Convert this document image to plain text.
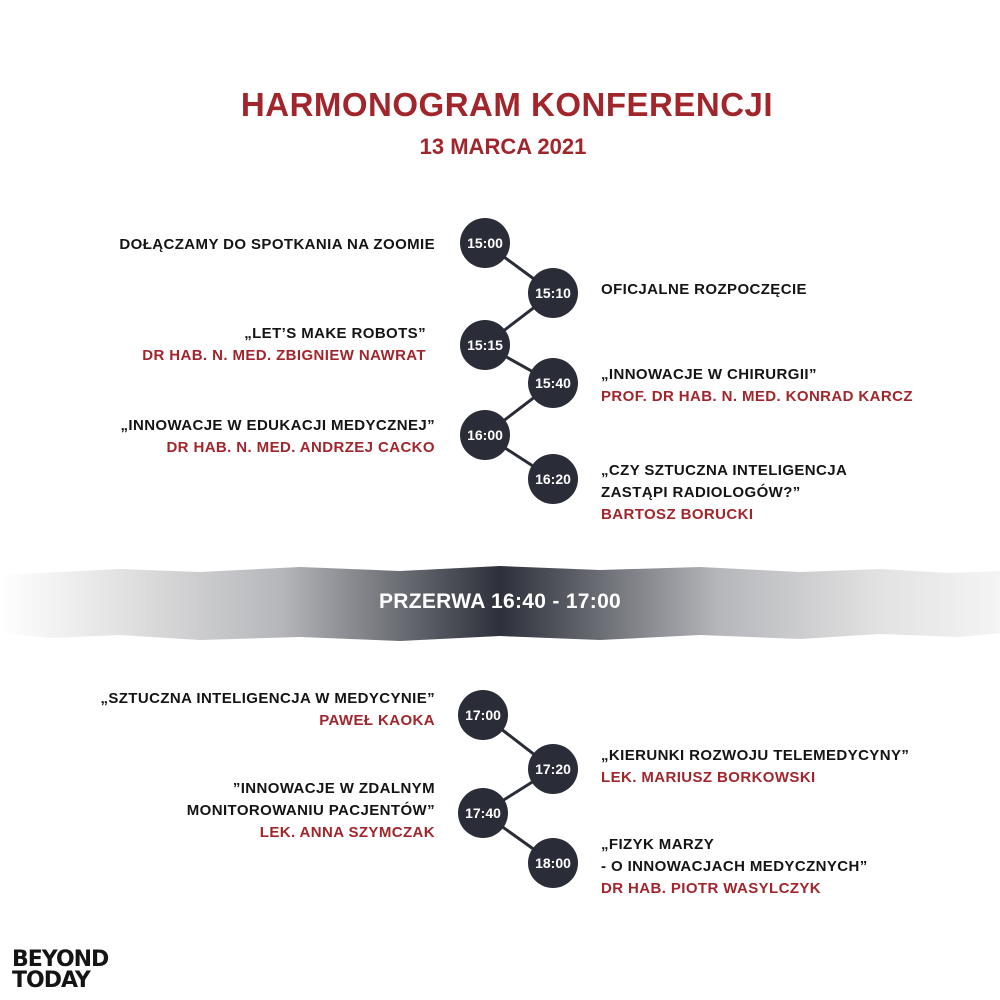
HARMONOGRAM KONFERENCJI
13 MARCA 2021
15:00
15:10
15:15
15:40
16:00
16:20
DOŁĄCZAMY DO SPOTKANIA NA ZOOMIE
OFICJALNE ROZPOCZĘCIE
„LET’S MAKE ROBOTS”
DR HAB. N. MED. ZBIGNIEW NAWRAT
„INNOWACJE W CHIRURGII”
PROF. DR HAB. N. MED. KONRAD KARCZ
„INNOWACJE W EDUKACJI MEDYCZNEJ”
DR HAB. N. MED. ANDRZEJ CACKO
„CZY SZTUCZNA INTELIGENCJA
ZASTĄPI RADIOLOGÓW?”
BARTOSZ BORUCKI
PRZERWA 16:40 - 17:00
17:00
17:20
17:40
18:00
„SZTUCZNA INTELIGENCJA W MEDYCYNIE”
PAWEŁ KAOKA
„KIERUNKI ROZWOJU TELEMEDYCYNY”
LEK. MARIUSZ BORKOWSKI
”INNOWACJE W ZDALNYM
MONITOROWANIU PACJENTÓW”
LEK. ANNA SZYMCZAK
„FIZYK MARZY
- O INNOWACJACH MEDYCZNYCH”
DR HAB. PIOTR WASYLCZYK
BEYOND
TODAY
